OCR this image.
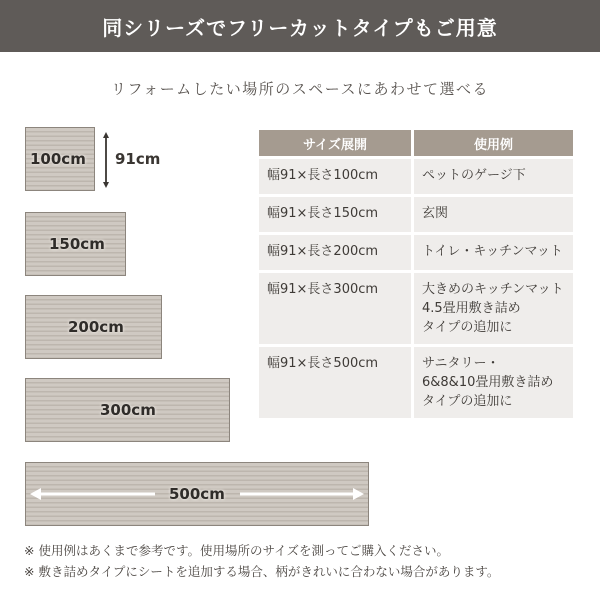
同シリーズでフリーカットタイプもご用意
リフォームしたい場所のスペースにあわせて選べる
100cm 91cm
150cm
200cm
300cm
500cm
サイズ展開	使用例
幅91×長さ100cm	ペットのゲージ下

幅91×長さ150cm	玄関

幅91×長さ200cm	トイレ・キッチンマット

幅91×長さ300cm	大きめのキッチンマット
4.5畳用敷き詰め
タイプの追加に

幅91×長さ500cm	サニタリー・
6&8&10畳用敷き詰め
タイプの追加に
※ 使用例はあくまで参考です。使用場所のサイズを測ってご購入ください。
※ 敷き詰めタイプにシートを追加する場合、柄がきれいに合わない場合があります。
